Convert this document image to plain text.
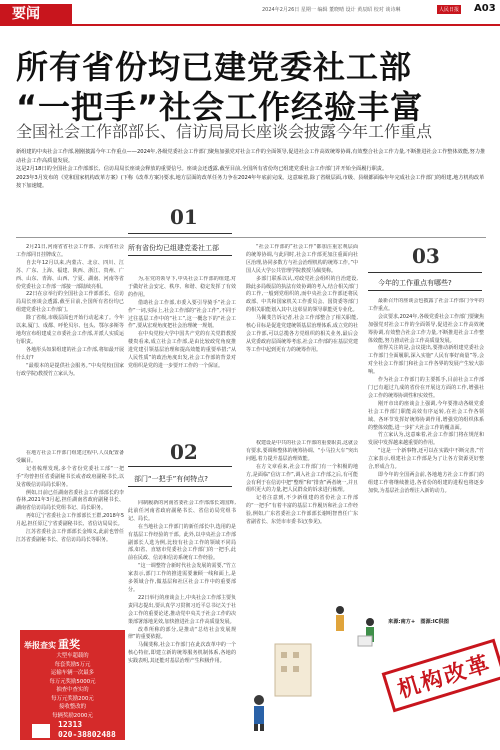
要闻	2024年2月26日 星期一 编辑 董晓晴 设计 黄辰昭 校对 谈诗琳	人民日报 A03
所有省份均已建党委社工部
“一把手”社会工作经验丰富
全国社会工作部部长、信访局局长座谈会披露今年工作重点

新组建的中央社会工作部,刚刚披露今年工作重点——2024年,各级党委社会工作部门聚焦加强党对社会工作的全面领导,促进社会工作高效统筹协调,有效整合社会工作力量,不断推进社会工作整体效能,努力推动社会工作高质量发展。

这是2月18日的全国社会工作部部长、信访局局长座谈会释放的重要信号。座谈会还透露,截至目前,全国所有省份均已组建党委社会工作部门并开始全面履行职责。

2023年3月发布的《党和国家机构改革方案》(下称《改革方案》)要求,地方层面的改革任务力争在2024年年底前完成。这意味着,除了省级层面,市级、县级都面临年年完成社会工作部门的组建,地方机构改革按下加速键。

2月21日,河南省省社会工作部、云南省社会工作部同日挂牌成立。

自去年12月以来,内蒙古、北京、四川、江苏、广东、上海、福建、陕西、浙江、贵州、广西、山东、青海、山西、宁夏、湖南、河南等省份党委社会工作部一部接一部陆续亮相。

22日在京举行的全国社会工作部部长、信访局局长座谈会透露,截至目前,全国所有省份均已组建党委社会工作部门。

除了省级,市级层面也开始行动起来了。今年以来,厦门、成都、呼伦贝尔、包头、鄂尔多斯等地均宣布组建成立市委社会工作部,并派人实质运行职责。

各地彤头如果组建的社会工作部,将如最开展什么好?

“最根本的是提供社会服务。”中央党校(国家行政学院)教授竹立家认为。

01
所有省份均已组建党委社工部

为,在党的领导下,中央社会工作部的组建,对于做好社会安定、秩序、和谐、稳定发挥了有效的作用。

借助社会工作部,市委入要引导骑手“社会工作”一词,实际上,社会工作部的“社会工作”,不同于过往基层工作中的“社工”,这一概念下的“社会工作”,要从宏观角度把社会治理统一规划。

在中央党校大学中国共产党的有关党群教授楼贵看来,成立社会工作部,是由比较政党角度推进党建引领基层治理和提高效能的重要举措;“从人民性质”的政治角度出发,社会工作部的背景对党组织是党的进一步要开工作的一个保证。

“社会工作部的”社会工作“都加注重宏观层面的统筹协调,与此同时,社会工作部更加注重面向社区治理,协同多数方与社会治理机构的统筹工作。”中国人民大学公共管理学院教授马佩斐称。

多部门联系以认,对政党社会组织的自治建设,除此多局级层的执法有效协调的考入,结合相关部门的工作,一般到党组织的,而中央社会工作部还将民政部、中共和国家机关工作委员会、国资委等部门的相关职能划入其中,这彰显的领导职能更专业化。

马佩斐告诉记者,社会工作部整合了相关职能,核心目标是促进党建统领基层治理体系,成立党的社会工作部,可以总揽各方党组织的相关业务,最后会从党委政府层面统筹考虑,社会工作部的在基层党建等工作中起到更有力的统筹作用。

03
今年的工作重点有哪些?

最新召开的座谈会也披露了社会工作部门今年的工作重点。

会议要求,2024年,各级党委社会工作部门要聚焦加强党对社会工作的全面领导,促进社会工作高效统筹协调,有效整合社会工作力量,不断推进社会工作整体效能,努力推动社会工作高质量发展。

值得关注的是,会议提出,要推动新组建党委社会工作部门全面履职,深入实施“人民有事好商量”等,会对全社会工作部门和社会工作各界的发展产生较大影响。

作为社会工作部门的主要抓手,目前社会工作部门已有超过九成的省份在开展这方面的工作,增强社会工作的统筹协调性和实效性。

刚开市出的座谈会上强调,今年要推动各级党委社会工作部门职能高效有序运转,在社会工作各领域、各环节发挥好统筹协调作用,增强党的组织体系的整体效能,进一步扩大社会工作的覆盖面。

竹立家认为,这意味着,社会工作部门将在规范和发展中发挥越来越重要的作用。

“这是一个新事物,还可以在实践中不断完善,”竹立家表示,组建社会工作部是为了让各方资源更好整合,形成合力。

即今年的全国两会前,各地地方社会工作部门的组建工作将继续推进,各省份的组建的进程也将逐步加快,为基层社会治理注入新的动力。

来源:南方+　图源:IC供图

在地方社会工作部门组建过程中,人员配置备受瞩目。

记者梳理发现,多个省份党委社工部“一把手”均曾担任省委副秘书长或者政府副秘书长,以及省级信访局局长职务。

例如,日前已任湖南省委社会工作部部长的李春林,2021年3月起,担任湖南省政府副秘书长、湖南省信访局局长党组书记、局长职务。

再如辽宁省委社会工作部部长王群,2018年5月起,担任原辽宁省委副秘书长、省信访局局长。

江苏省委社会工作部部长金锦义,此前也曾任江苏省委副秘书长、省信访局局长等职务。

02
部门“一把手”有何特点?

同制履新的河南省委社会工作部部长刘国辉,此前任河南省政府副秘书长、省信访局党组书记、局长。

在当地社会工作部门的新任部长中,选用的是有基层工作经验的干部。此外,以中央社会工作部副部长人选为例,比较有社会工作的领域不同局部,如省、直辖市党委社会工作部门的一把手,此前在民政、信访和信访系统有工作经验。

“这一调整符合新时代社会发展的需要,”竹立家表示,部门工作的推进需要兼顾一线和面上,是多领域合作,做基层和社区社会工作中的重要部分。

22日举行的座谈会上,中央社会工作部主要负责同志提出,要认真学习贯彻习近平总书记关于社会工作的重要论述,推动党中央关于社会工作的决策部署落地见效,加快推进社会工作高质量发展。

改革所称的部分,是推动“总结社会发展规律”的重要依据。

马佩斐称,社会工作部门在此次改革中的一个核心特征,即建立新的统筹服务机制体系,各地的实践表明,其还能对基层治理产生积极作用。

权建设是中共的社会工作部的重要职责,这就会有要求,要调和整体的统筹协调、“小马拉大车”突出问题,着力提升基层治理效能。

在方文章看来,社会工作部门有一个积极的地方,是面临“信访工作”,调入社会工作部之后,有可能会有利于在信访中把“整理”和“排查”两者统一,并且组织更大的力量,把人民群众的诉求进行梳理。

记者注意到,不少新组建的省份社会工作部的“一把手”有着丰富的基层工作履历和社会工作经验,例如,广东省委社会工作部部长谢明智曾任广东省副省长、东莞市市委书记(参见)。

举报查实 重奖
大型车超载的
每套奖励5万元
运输车辆一次最多
每万元奖励5000元
抽查中查实的
每万元奖励200元
接收整改的
每辆奖励2000元
12313
020-38802488
机构改革
